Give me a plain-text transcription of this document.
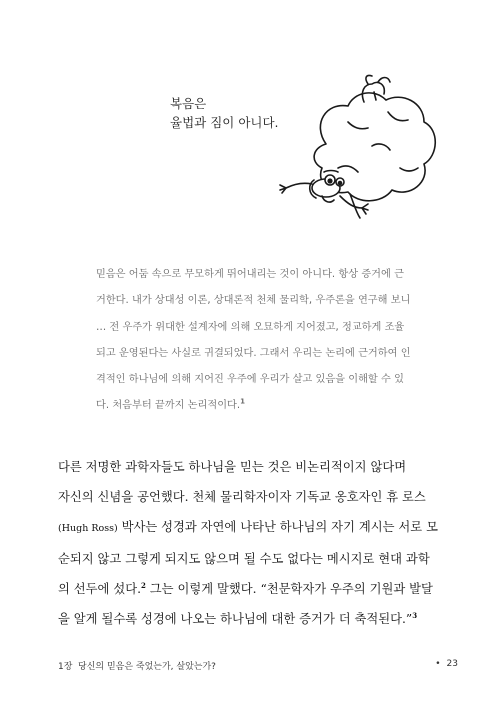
복음은
율법과 짐이 아니다.
믿음은 어둠 속으로 무모하게 뛰어내리는 것이 아니다. 항상 증거에 근
거한다. 내가 상대성 이론, 상대론적 천체 물리학, 우주론을 연구해 보니
… 전 우주가 위대한 설계자에 의해 오묘하게 지어졌고, 정교하게 조율
되고 운영된다는 사실로 귀결되었다. 그래서 우리는 논리에 근거하여 인
격적인 하나님에 의해 지어진 우주에 우리가 살고 있음을 이해할 수 있
다. 처음부터 끝까지 논리적이다.$^1$
다른 저명한 과학자들도 하나님을 믿는 것은 비논리적이지 않다며
자신의 신념을 공언했다. 천체 물리학자이자 기독교 옹호자인 휴 로스
(Hugh Ross) 박사는 성경과 자연에 나타난 하나님의 자기 계시는 서로 모
순되지 않고 그렇게 되지도 않으며 될 수도 없다는 메시지로 현대 과학
의 선두에 섰다.$^2$ 그는 이렇게 말했다. “천문학자가 우주의 기원과 발달
을 알게 될수록 성경에 나오는 하나님에 대한 증거가 더 축적된다.”$^3$
1장 당신의 믿음은 죽었는가, 살았는가?	• 23
